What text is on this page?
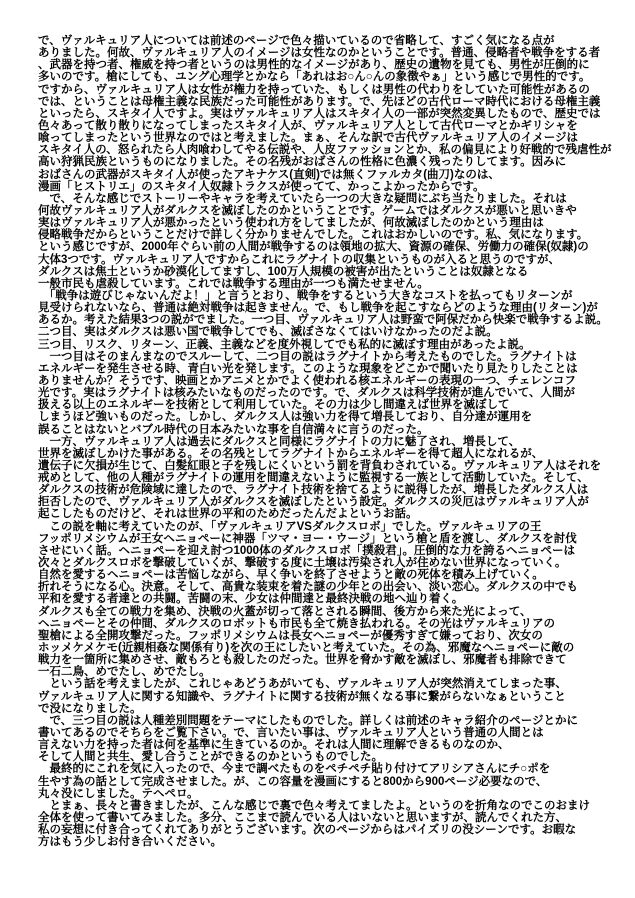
で、ヴァルキュリア人については前述のページで色々描いているので省略して、すごく気になる点が
ありました。何故、ヴァルキュリア人のイメージは女性なのかということです。普通、侵略者や戦争をする者
、武器を持つ者、権威を持つ者というのは男性的なイメージがあり、歴史の遺物を見ても、男性が圧倒的に
多いのです。槍にしても、ユング心理学とかなら「あれはお○ん○んの象徴やぁ」という感じで男性的です。
ですから、ヴァルキュリア人は女性が権力を持っていた、もしくは男性の代わりをしていた可能性があるの
では、ということは母権主義な民族だった可能性があります。で、先ほどの古代ローマ時代における母権主義
といったら、スキタイ人ですよ。実はヴァルキュリア人はスキタイ人の一部が突然変異したもので、歴史では
色々あって散り散りになってしまったスキタイ人が、ヴァルキュリア人として古代ローマとかギリシャを
喰ってしまったという世界なのではと考えました。まぁ、そんな訳で古代ヴァルキュリア人のイメージは
スキタイ人の、怒られたら人肉喰わしてやる伝説や、人皮ファッションとか、私の偏見により好戦的で残虐性が
高い狩猟民族というものになりました。その名残がおばさんの性格に色濃く残ったりしてます。因みに
おばさんの武器がスキタイ人が使ったアキナケス(直剣)では無くファルカタ(曲刀)なのは、
漫画「ヒストリエ」のスキタイ人奴隷トラクスが使ってて、かっこよかったからです。
　で、そんな感じでストーリーやキャラを考えていたら一つの大きな疑問にぶち当たりました。それは
何故ヴァルキュリア人がダルクスを滅ぼしたのかということです。ゲームではダルクスが悪いと思いきや
実はヴァルキュリア人が悪かったという使われ方をしてましたが、何故滅ぼしたのかという理由は
侵略戦争だからということだけで詳しく分かりませんでした。これはおかしいのです。私、気になります。
という感じですが、2000年ぐらい前の人間が戦争するのは領地の拡大、資源の確保、労働力の確保(奴隷)の
大体3つです。ヴァルキュリア人ですからこれにラグナイトの収集というものが入ると思うのですが、
ダルクスは焦土というか砂漠化してますし、100万人規模の被害が出たということは奴隷となる
一般市民も虐殺しています。これでは戦争する理由が一つも満たせません。
　「戦争は遊びじゃないんだよ！」と言うとおり、戦争をするという大きなコストを払ってもリターンが
見受けられないなら、普通は絶対戦争は起きません。で、もし戦争を起こすならどのような理由(リターン)が
あるか。考えた結果3つの説がでました。一つ目、ヴァルキュリア人は野蛮で阿保だから快楽で戦争するよ説。
二つ目、実はダルクスは悪い国で戦争してでも、滅ぼさなくてはいけなかったのだよ説。
三つ目、リスク、リターン、正義、主義などを度外視してでも私的に滅ぼす理由があったよ説。
　一つ目はそのまんまなのでスルーして、二つ目の説はラグナイトから考えたものでした。ラグナイトは
エネルギーを発生させる時、青白い光を発します。このような現象をどこかで聞いたり見たりしたことは
ありませんか？そうです、映画とかアニメとかでよく使われる核エネルギーの表現の一つ、チェレンコフ
光です。実はラグナイトは核みたいなものだったのです。で、ダルクスは科学技術が進んでいて、人間が
扱える以上のエネルギーを技術として利用していた。その力は少し間違えば世界を滅ぼして
しまうほど強いものだった。しかし、ダルクス人は強い力を得て増長しており、自分達が運用を
誤ることはないとバブル時代の日本みたいな事を自信満々に言うのだった。
　一方、ヴァルキュリア人は過去にダルクスと同様にラグナイトの力に魅了され、増長して、
世界を滅ぼしかけた事がある。その名残としてラグナイトからエネルギーを得て超人になれるが、
遺伝子に欠損が生じて、白髪紅眼と子を残しにくいという罰を背負わされている。ヴァルキュリア人はそれを
戒めとして、他の人種がラグナイトの運用を間違えないように監視する一族として活動していた。そして、
ダルクスの技術が危険域に達したので、ラグナイト技術を捨てるように説得したが、増長したダルクス人は
拒否したので、ヴァルキュリア人がダルクスを滅ぼしたという設定。ダルクスの災厄はヴァルキュリア人が
起こしたものだけど、それは世界の平和のためだったんだよというお話。
　この説を軸に考えていたのが、「ヴァルキュリアVSダルクスロボ」でした。ヴァルキュリアの王
フッポリメシウムが王女ヘニョペーに神器「ツマ・ヨー・ウージ」という槍と盾を渡し、ダルクスを討伐
させにいく話。ヘニョペーを迎え討つ1000体のダルクスロボ「撲殺君」。圧倒的な力を誇るヘニョペーは
次々とダルクスロボを撃破していくが、撃破する度に土壌は汚染され人が住めない世界になっていく。
自然を愛するヘニョペーは苦悩しながら、早く争いを終了させようと敵の死体を積み上げていく。
折れそうになる心。決意。そして、高貴な装束を着た謎の少年との出会い、淡い恋心。ダルクスの中でも
平和を愛する者達との共闘。苦闘の末、少女は仲間達と最終決戦の地へ辿り着く。
ダルクスも全ての戦力を集め、決戦の火蓋が切って落とされる瞬間、後方から来た光によって、
ヘニョペーとその仲間、ダルクスのロボットも市民も全て焼き払われる。その光はヴァルキュリアの
聖槍による全開攻撃だった。フッポリメシウムは長女ヘニョペーが優秀すぎて嫌っており、次女の
ホッメケメケモ(近親相姦な関係有り)を次の王にしたいと考えていた。その為、邪魔なヘニョペーに敵の
戦力を一箇所に集めさせ、敵もろとも殺したのだった。世界を脅かす敵を滅ぼし、邪魔者も排除できて
一石二鳥、めでたし、めでたし。
　という話を考えましたが、これじゃあどうあがいても、ヴァルキュリア人が突然消えてしまった事、
ヴァルキュリア人に関する知識や、ラグナイトに関する技術が無くなる事に繋がらないなぁということ
で没になりました。
　で、三つ目の説は人種差別問題をテーマにしたものでした。詳しくは前述のキャラ紹介のページとかに
書いてあるのでそちらをご覧下さい。で、言いたい事は、ヴァルキュリア人という普通の人間とは
言えない力を持った者は何を基準に生きているのか。それは人間に理解できるものなのか、
そして人間と共生、愛し合うことができるのかというものでした。
　最終的にこれを気に入ったので、今まで調べたものをペチペチ貼り付けてアリシアさんにチ○ポを
生やす為の話として完成させました。が、この容量を漫画にすると800から900ページ必要なので、
丸々没にしました。テヘペロ。
　とまぁ、長々と書きましたが、こんな感じで裏で色々考えてましたよ。というのを折角なのでこのおまけ
全体を使って書いてみました。多分、ここまで読んでいる人はいないと思いますが、読んでくれた方、
私の妄想に付き合ってくれてありがとうございます。次のページからはパイズリの没シーンです。お暇な
方はもう少しお付き合いください。
